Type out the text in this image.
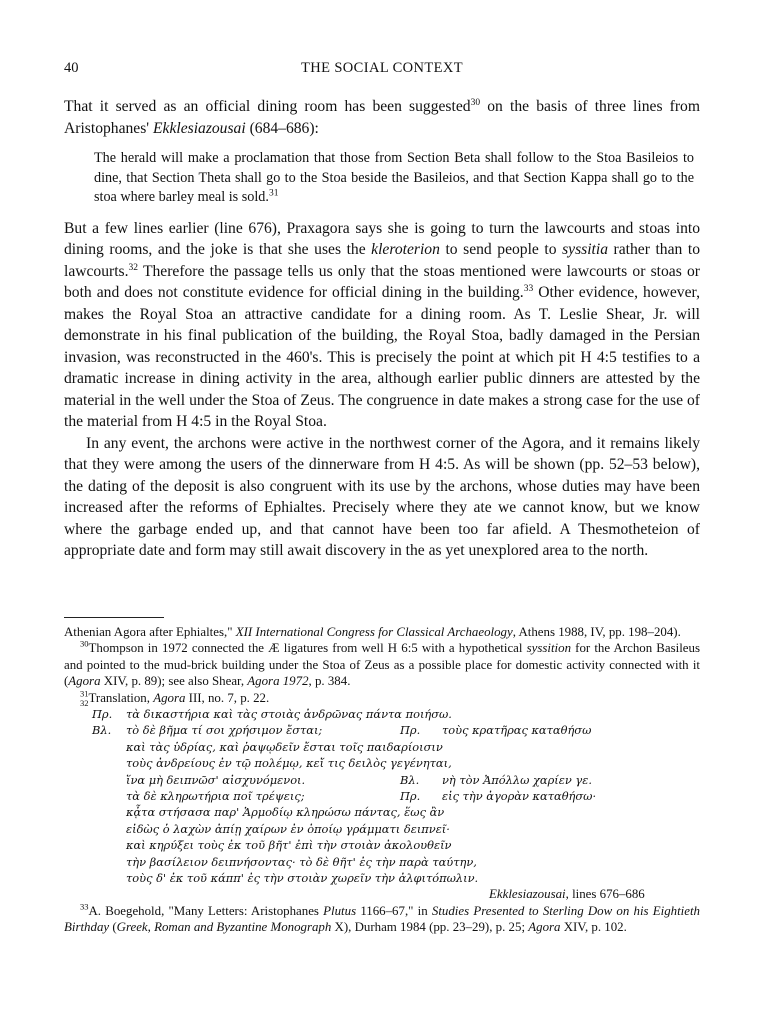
40	THE SOCIAL CONTEXT

That it served as an official dining room has been suggested$^{30}$ on the basis of three lines from Aristophanes' Ekklesiazousai (684–686):

The herald will make a proclamation that those from Section Beta shall follow to the Stoa Basileios to dine, that Section Theta shall go to the Stoa beside the Basileios, and that Section Kappa shall go to the stoa where barley meal is sold.$^{31}$

But a few lines earlier (line 676), Praxagora says she is going to turn the lawcourts and stoas into dining rooms, and the joke is that she uses the kleroterion to send people to syssitia rather than to lawcourts.$^{32}$ Therefore the passage tells us only that the stoas mentioned were lawcourts or stoas or both and does not constitute evidence for official dining in the building.$^{33}$ Other evidence, however, makes the Royal Stoa an attractive candidate for a dining room. As T. Leslie Shear, Jr. will demonstrate in his final publication of the building, the Royal Stoa, badly damaged in the Persian invasion, was reconstructed in the 460's. This is precisely the point at which pit H 4:5 testifies to a dramatic increase in dining activity in the area, although earlier public dinners are attested by the material in the well under the Stoa of Zeus. The congruence in date makes a strong case for the use of the material from H 4:5 in the Royal Stoa.

In any event, the archons were active in the northwest corner of the Agora, and it remains likely that they were among the users of the dinnerware from H 4:5. As will be shown (pp. 52–53 below), the dating of the deposit is also congruent with its use by the archons, whose duties may have been increased after the reforms of Ephialtes. Precisely where they ate we cannot know, but we know where the garbage ended up, and that cannot have been too far afield. A Thesmotheteion of appropriate date and form may still await discovery in the as yet unexplored area to the north.

Athenian Agora after Ephialtes," XII International Congress for Classical Archaeology, Athens 1988, IV, pp. 198–204).

$^{30}$Thompson in 1972 connected the Æ ligatures from well H 6:5 with a hypothetical syssition for the Archon Basileus and pointed to the mud-brick building under the Stoa of Zeus as a possible place for domestic activity connected with it (Agora XIV, p. 89); see also Shear, Agora 1972, p. 384.

$^{31}$Translation, Agora III, no. 7, p. 22.

32
Πρ. τὰ δικαστήρια καὶ τὰς στοιὰς ἀνδρῶνας πάντα ποιήσω.
Βλ. τὸ δὲ βῆμα τί σοι χρήσιμον ἔσται;	Πρ. τοὺς κρατῆρας καταθήσω
καὶ τὰς ὑδρίας, καὶ ῥαψῳδεῖν ἔσται τοῖς παιδαρίοισιν
τοὺς ἀνδρείους ἐν τῷ πολέμῳ, κεἴ τις δειλὸς γεγένηται,
ἵνα μὴ δειπνῶσ' αἰσχυνόμενοι.	Βλ. νὴ τὸν Ἀπόλλω χαρίεν γε.
τὰ δὲ κληρωτήρια ποῖ τρέψεις;	Πρ. εἰς τὴν ἀγορὰν καταθήσω·
κᾆτα στήσασα παρ' Ἁρμοδίῳ κληρώσω πάντας, ἕως ἂν
εἰδὼς ὁ λαχὼν ἀπίῃ χαίρων ἐν ὁποίῳ γράμματι δειπνεῖ·
καὶ κηρύξει τοὺς ἐκ τοῦ βῆτ' ἐπὶ τὴν στοιὰν ἀκολουθεῖν
τὴν βασίλειον δειπνήσοντας· τὸ δὲ θῆτ' ἐς τὴν παρὰ ταύτην,
τοὺς δ' ἐκ τοῦ κάππ' ἐς τὴν στοιὰν χωρεῖν τὴν ἀλφιτόπωλιν.
Ekklesiazousai, lines 676–686

$^{33}$A. Boegehold, "Many Letters: Aristophanes Plutus 1166–67," in Studies Presented to Sterling Dow on his Eightieth Birthday (Greek, Roman and Byzantine Monograph X), Durham 1984 (pp. 23–29), p. 25; Agora XIV, p. 102.
